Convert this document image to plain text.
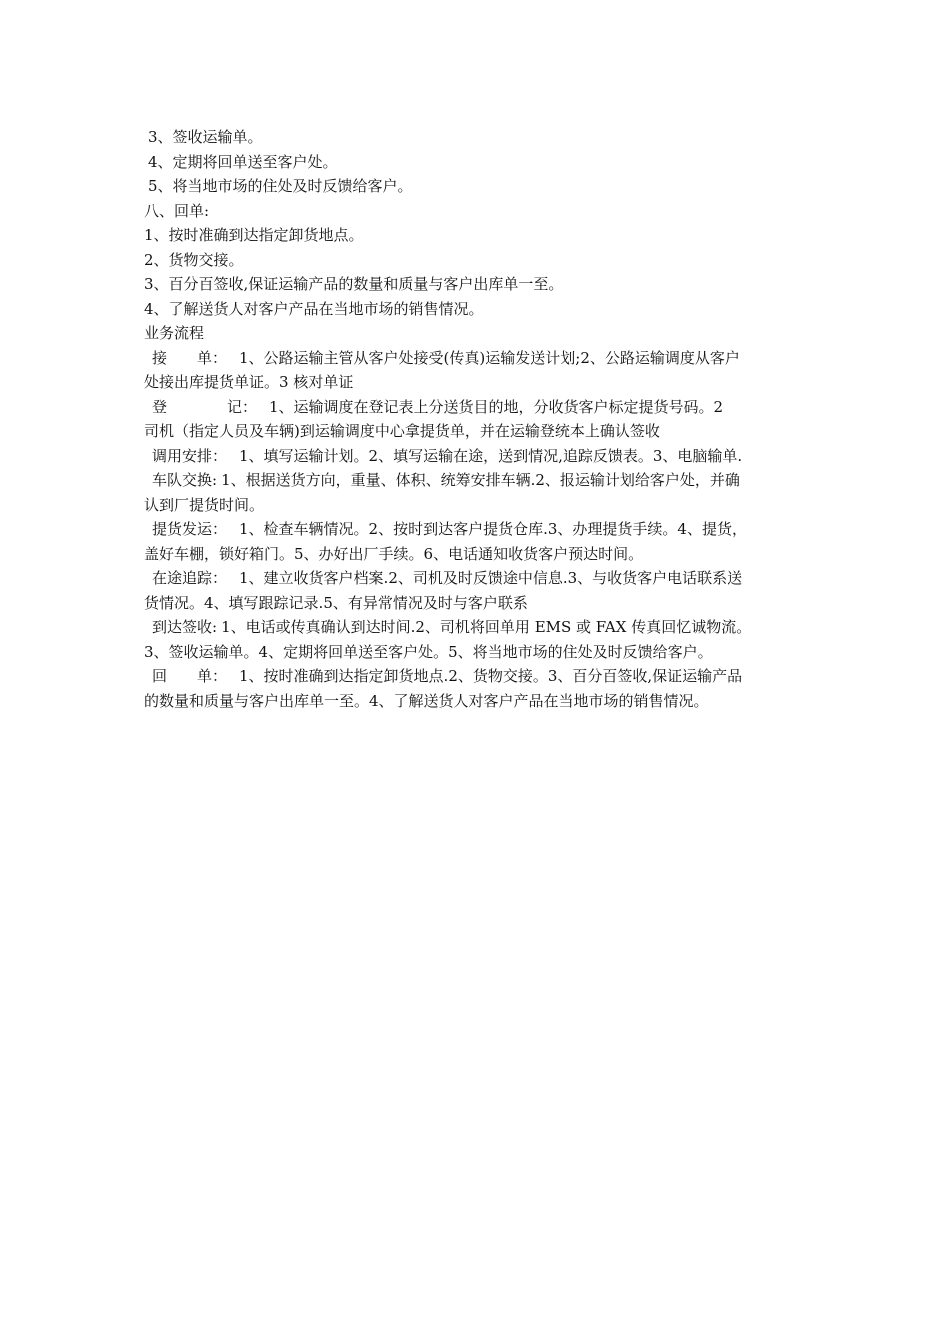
3、签收运输单。
4、定期将回单送至客户处。
5、将当地市场的住处及时反馈给客户。
八、回单:
1、按时准确到达指定卸货地点。
2、货物交接。
3、百分百签收,保证运输产品的数量和质量与客户出库单一至。
4、了解送货人对客户产品在当地市场的销售情况。
业务流程
接　　单： 1、公路运输主管从客户处接受(传真)运输发送计划;2、公路运输调度从客户
处接出库提货单证。3 核对单证
登　　　　记： 1、运输调度在登记表上分送货目的地，分收货客户标定提货号码。2
司机（指定人员及车辆)到运输调度中心拿提货单，并在运输登统本上确认签收
调用安排： 1、填写运输计划。2、填写运输在途，送到情况,追踪反馈表。3、电脑输单.
车队交换: 1、根据送货方向，重量、体积、统筹安排车辆.2、报运输计划给客户处，并确
认到厂提货时间。
提货发运： 1、检查车辆情况。2、按时到达客户提货仓库.3、办理提货手续。4、提货，
盖好车棚，锁好箱门。5、办好出厂手续。6、电话通知收货客户预达时间。
在途追踪： 1、建立收货客户档案.2、司机及时反馈途中信息.3、与收货客户电话联系送
货情况。4、填写跟踪记录.5、有异常情况及时与客户联系
到达签收: 1、电话或传真确认到达时间.2、司机将回单用 EMS 或 FAX 传真回忆诚物流。
3、签收运输单。4、定期将回单送至客户处。5、将当地市场的住处及时反馈给客户。
回　　单： 1、按时准确到达指定卸货地点.2、货物交接。3、百分百签收,保证运输产品
的数量和质量与客户出库单一至。4、了解送货人对客户产品在当地市场的销售情况。
